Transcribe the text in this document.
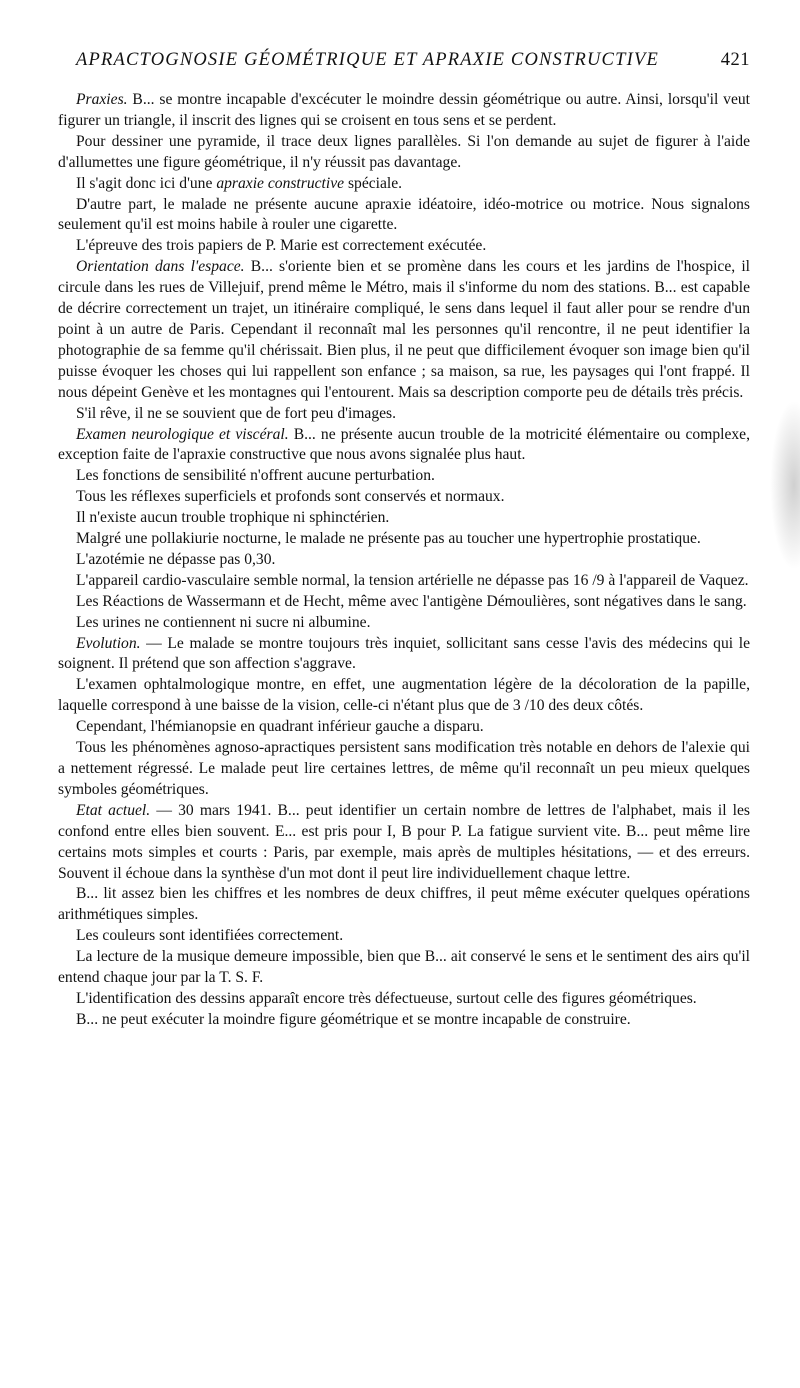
APRACTOGNOSIE GÉOMÉTRIQUE ET APRAXIE CONSTRUCTIVE	421

Praxies. B... se montre incapable d'excécuter le moindre dessin géométrique ou autre. Ainsi, lorsqu'il veut figurer un triangle, il inscrit des lignes qui se croisent en tous sens et se perdent.

Pour dessiner une pyramide, il trace deux lignes parallèles. Si l'on demande au sujet de figurer à l'aide d'allumettes une figure géométrique, il n'y réussit pas davantage.

Il s'agit donc ici d'une apraxie constructive spéciale.

D'autre part, le malade ne présente aucune apraxie idéatoire, idéo-motrice ou motrice. Nous signalons seulement qu'il est moins habile à rouler une cigarette.

L'épreuve des trois papiers de P. Marie est correctement exécutée.

Orientation dans l'espace. B... s'oriente bien et se promène dans les cours et les jardins de l'hospice, il circule dans les rues de Villejuif, prend même le Métro, mais il s'informe du nom des stations. B... est capable de décrire correctement un trajet, un itinéraire compliqué, le sens dans lequel il faut aller pour se rendre d'un point à un autre de Paris. Cependant il reconnaît mal les personnes qu'il rencontre, il ne peut identifier la photographie de sa femme qu'il chérissait. Bien plus, il ne peut que difficilement évoquer son image bien qu'il puisse évoquer les choses qui lui rappellent son enfance ; sa maison, sa rue, les paysages qui l'ont frappé. Il nous dépeint Genève et les montagnes qui l'entourent. Mais sa description comporte peu de détails très précis.

S'il rêve, il ne se souvient que de fort peu d'images.

Examen neurologique et viscéral. B... ne présente aucun trouble de la motricité élémentaire ou complexe, exception faite de l'apraxie constructive que nous avons signalée plus haut.

Les fonctions de sensibilité n'offrent aucune perturbation.

Tous les réflexes superficiels et profonds sont conservés et normaux.

Il n'existe aucun trouble trophique ni sphinctérien.

Malgré une pollakiurie nocturne, le malade ne présente pas au toucher une hypertrophie prostatique.

L'azotémie ne dépasse pas 0,30.

L'appareil cardio-vasculaire semble normal, la tension artérielle ne dépasse pas 16 /9 à l'appareil de Vaquez.

Les Réactions de Wassermann et de Hecht, même avec l'antigène Démoulières, sont négatives dans le sang.

Les urines ne contiennent ni sucre ni albumine.

Evolution. — Le malade se montre toujours très inquiet, sollicitant sans cesse l'avis des médecins qui le soignent. Il prétend que son affection s'aggrave.

L'examen ophtalmologique montre, en effet, une augmentation légère de la décoloration de la papille, laquelle correspond à une baisse de la vision, celle-ci n'étant plus que de 3 /10 des deux côtés.

Cependant, l'hémianopsie en quadrant inférieur gauche a disparu.

Tous les phénomènes agnoso-apractiques persistent sans modification très notable en dehors de l'alexie qui a nettement régressé. Le malade peut lire certaines lettres, de même qu'il reconnaît un peu mieux quelques symboles géométriques.

Etat actuel. — 30 mars 1941. B... peut identifier un certain nombre de lettres de l'alphabet, mais il les confond entre elles bien souvent. E... est pris pour I, B pour P. La fatigue survient vite. B... peut même lire certains mots simples et courts : Paris, par exemple, mais après de multiples hésitations, — et des erreurs. Souvent il échoue dans la synthèse d'un mot dont il peut lire individuellement chaque lettre.

B... lit assez bien les chiffres et les nombres de deux chiffres, il peut même exécuter quelques opérations arithmétiques simples.

Les couleurs sont identifiées correctement.

La lecture de la musique demeure impossible, bien que B... ait conservé le sens et le sentiment des airs qu'il entend chaque jour par la T. S. F.

L'identification des dessins apparaît encore très défectueuse, surtout celle des figures géométriques.

B... ne peut exécuter la moindre figure géométrique et se montre incapable de construire.
